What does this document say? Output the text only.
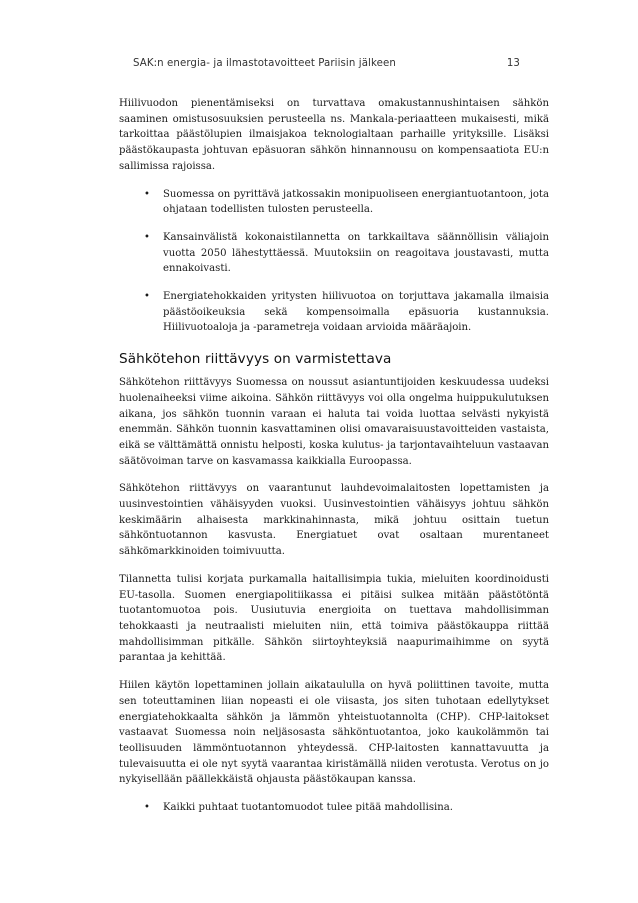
SAK:n energia- ja ilmastotavoitteet Pariisin jälkeen	13

Hiilivuodon pienentämiseksi on turvattava omakustannushintaisen sähkön saaminen omistusosuuksien perusteella ns. Mankala-periaatteen mukaisesti, mikä tarkoittaa päästölupien ilmaisjakoa teknologialtaan parhaille yrityksille. Lisäksi päästökaupasta johtuvan epäsuoran sähkön hinnannousu on kompensaatiota EU:n sallimissa rajoissa.

• Suomessa on pyrittävä jatkossakin monipuoliseen energiantuotantoon, jota ohjataan todellisten tulosten perusteella.
• Kansainvälistä kokonaistilannetta on tarkkailtava säännöllisin väliajoin vuotta 2050 lähestyttäessä. Muutoksiin on reagoitava joustavasti, mutta ennakoivasti.
• Energiatehokkaiden yritysten hiilivuotoa on torjuttava jakamalla ilmaisia päästöoikeuksia sekä kompensoimalla epäsuoria kustannuksia. Hiilivuotoaloja ja -parametreja voidaan arvioida määräajoin.
Sähkötehon riittävyys on varmistettava

Sähkötehon riittävyys Suomessa on noussut asiantuntijoiden keskuudessa uudeksi huolenaiheeksi viime aikoina. Sähkön riittävyys voi olla ongelma huippukulutuksen aikana, jos sähkön tuonnin varaan ei haluta tai voida luottaa selvästi nykyistä enemmän. Sähkön tuonnin kasvattaminen olisi omavaraisuustavoitteiden vastaista, eikä se välttämättä onnistu helposti, koska kulutus- ja tarjontavaihteluun vastaavan säätövoiman tarve on kasvamassa kaikkialla Euroopassa.

Sähkötehon riittävyys on vaarantunut lauhdevoimalaitosten lopettamisten ja uusinvestointien vähäisyyden vuoksi. Uusinvestointien vähäisyys johtuu sähkön keskimäärin alhaisesta markkinahinnasta, mikä johtuu osittain tuetun sähköntuotannon kasvusta. Energiatuet ovat osaltaan murentaneet sähkömarkkinoiden toimivuutta.

Tilannetta tulisi korjata purkamalla haitallisimpia tukia, mieluiten koordinoidusti EU-tasolla. Suomen energiapolitiikassa ei pitäisi sulkea mitään päästötöntä tuotantomuotoa pois. Uusiutuvia energioita on tuettava mahdollisimman tehokkaasti ja neutraalisti mieluiten niin, että toimiva päästökauppa riittää mahdollisimman pitkälle. Sähkön siirtoyhteyksiä naapurimaihimme on syytä parantaa ja kehittää.

Hiilen käytön lopettaminen jollain aikataululla on hyvä poliittinen tavoite, mutta sen toteuttaminen liian nopeasti ei ole viisasta, jos siten tuhotaan edellytykset energiatehokkaalta sähkön ja lämmön yhteistuotannolta (CHP). CHP-laitokset vastaavat Suomessa noin neljäsosasta sähköntuotantoa, joko kaukolämmön tai teollisuuden lämmöntuotannon yhteydessä. CHP-laitosten kannattavuutta ja tulevaisuutta ei ole nyt syytä vaarantaa kiristämällä niiden verotusta. Verotus on jo nykyisellään päällekkäistä ohjausta päästökaupan kanssa.

• Kaikki puhtaat tuotantomuodot tulee pitää mahdollisina.
